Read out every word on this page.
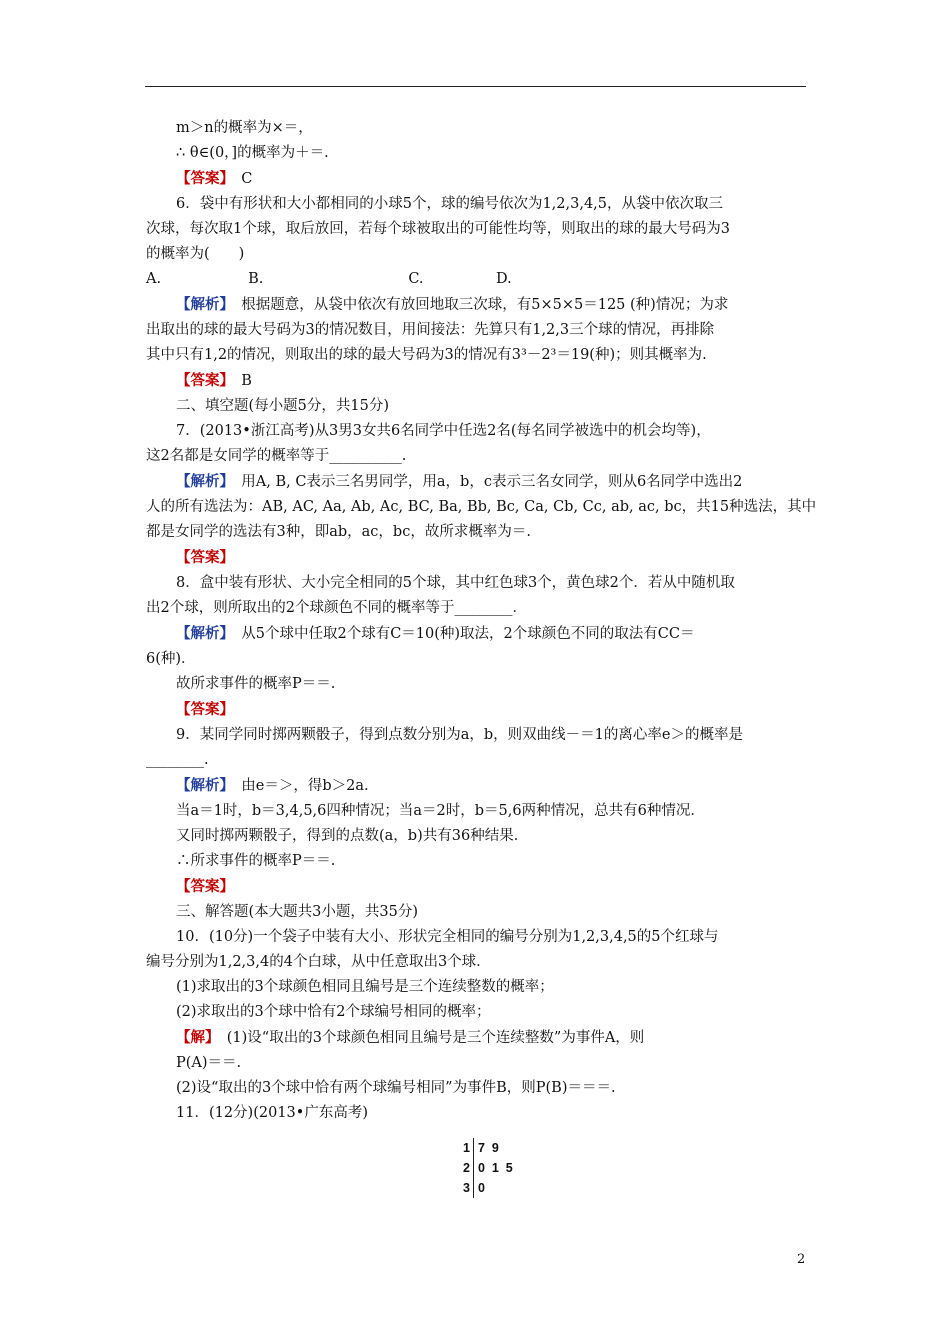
m＞n的概率为×＝，

∴ θ∈(0，]的概率为＋＝.

【答案】　 C

6．袋中有形状和大小都相同的小球5个，球的编号依次为1,2,3,4,5，从袋中依次取三

次球，每次取1个球，取后放回，若每个球被取出的可能性均等，则取出的球的最大号码为3

的概率为(　　)

A.　　　　　　B.　　　　　　　　　　C.　　　　　D.

【解析】　 根据题意，从袋中依次有放回地取三次球，有5×5×5＝125 (种)情况；为求

出取出的球的最大号码为3的情况数目，用间接法：先算只有1,2,3三个球的情况，再排除

其中只有1,2的情况，则取出的球的最大号码为3的情况有3³－2³＝19(种)；则其概率为.

【答案】　 B

二、填空题(每小题5分，共15分)

7．(2013•浙江高考)从3男3女共6名同学中任选2名(每名同学被选中的机会均等)，

这2名都是女同学的概率等于__________.

【解析】　 用A, B, C表示三名男同学，用a，b，c表示三名女同学，则从6名同学中选出2

人的所有选法为：AB, AC, Aa, Ab, Ac, BC, Ba, Bb, Bc, Ca, Cb, Cc, ab, ac, bc，共15种选法，其中

都是女同学的选法有3种，即ab，ac，bc，故所求概率为＝.

【答案】

8．盒中装有形状、大小完全相同的5个球，其中红色球3个，黄色球2个．若从中随机取

出2个球，则所取出的2个球颜色不同的概率等于________．

【解析】　 从5个球中任取2个球有C＝10(种)取法，2个球颜色不同的取法有CC＝

6(种)．

故所求事件的概率P＝＝.

【答案】

9．某同学同时掷两颗骰子，得到点数分别为a，b，则双曲线－＝1的离心率e＞的概率是

________.

【解析】　 由e＝＞，得b＞2a.

当a＝1时，b＝3,4,5,6四种情况；当a＝2时，b＝5,6两种情况，总共有6种情况．

又同时掷两颗骰子，得到的点数(a，b)共有36种结果．

∴所求事件的概率P＝＝.

【答案】

三、解答题(本大题共3小题，共35分)

10．(10分)一个袋子中装有大小、形状完全相同的编号分别为1,2,3,4,5的5个红球与

编号分别为1,2,3,4的4个白球，从中任意取出3个球．

(1)求取出的3个球颜色相同且编号是三个连续整数的概率；

(2)求取出的3个球中恰有2个球编号相同的概率；

【解】　 (1)设“取出的3个球颜色相同且编号是三个连续整数”为事件A，则

P(A)＝＝.

(2)设“取出的3个球中恰有两个球编号相同”为事件B，则P(B)＝＝＝.

11．(12分)(2013•广东高考)

1 7  9
2 0  1  5
3 0
2
